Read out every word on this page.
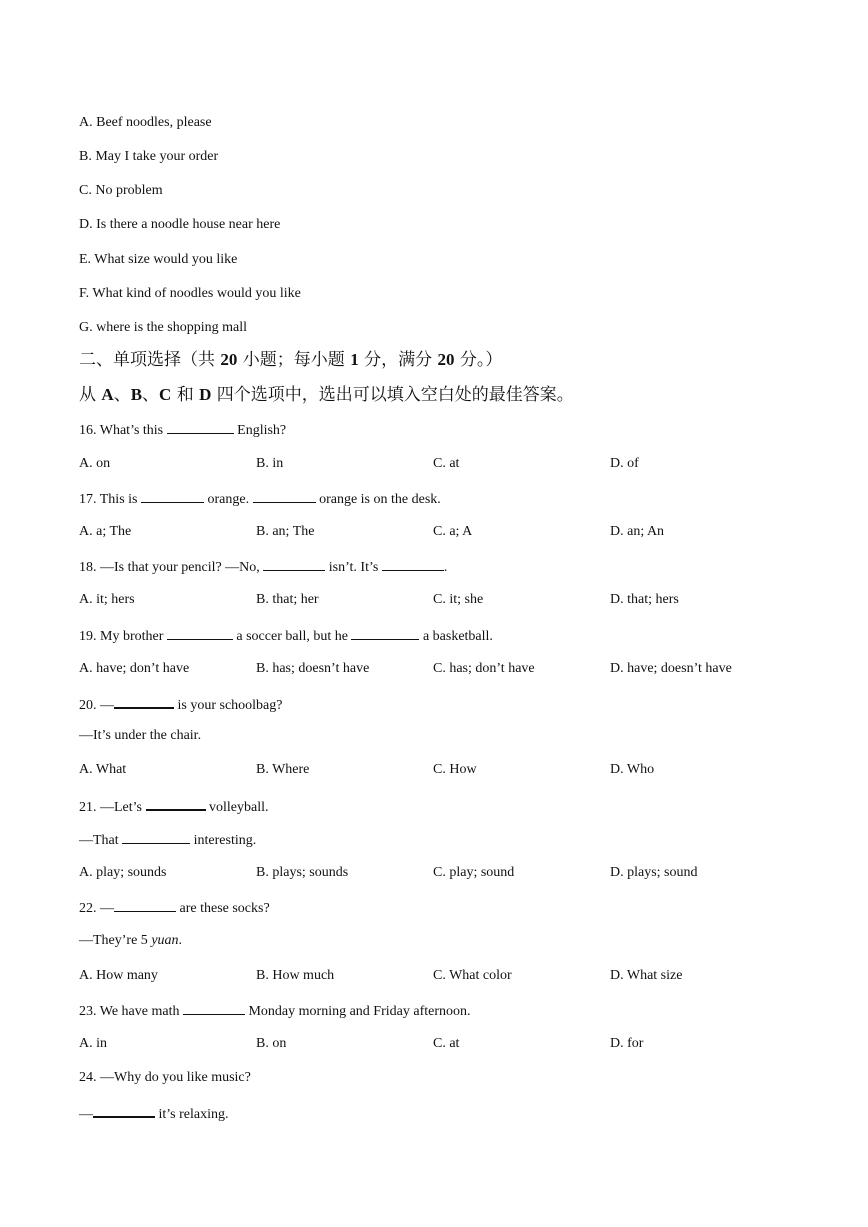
A. Beef noodles, please
B. May I take your order
C. No problem
D. Is there a noodle house near here
E. What size would you like
F. What kind of noodles would you like
G. where is the shopping mall
二、单项选择（共 20 小题；每小题 1 分，满分 20 分。）
从 A、B、C 和 D 四个选项中，选出可以填入空白处的最佳答案。
16. What’s this	English?
A. on	B. in	C. at	D. of
17. This is	orange.	orange is on the desk.
A. a; The	B. an; The	C. a; A	D. an; An
18. —Is that your pencil? —No,	isn’t. It’s	.
A. it; hers	B. that; her	C. it; she	D. that; hers
19. My brother	a soccer ball, but he	a basketball.
A. have; don’t have	B. has; doesn’t have	C. has; don’t have	D. have; doesn’t have
20. —	is your schoolbag?
—It’s under the chair.
A. What	B. Where	C. How	D. Who
21. —Let’s	volleyball.
—That	interesting.
A. play; sounds	B. plays; sounds	C. play; sound	D. plays; sound
22. —	are these socks?
—They’re 5 yuan.
A. How many	B. How much	C. What color	D. What size
23. We have math	Monday morning and Friday afternoon.
A. in	B. on	C. at	D. for
24. —Why do you like music?
—	it’s relaxing.
